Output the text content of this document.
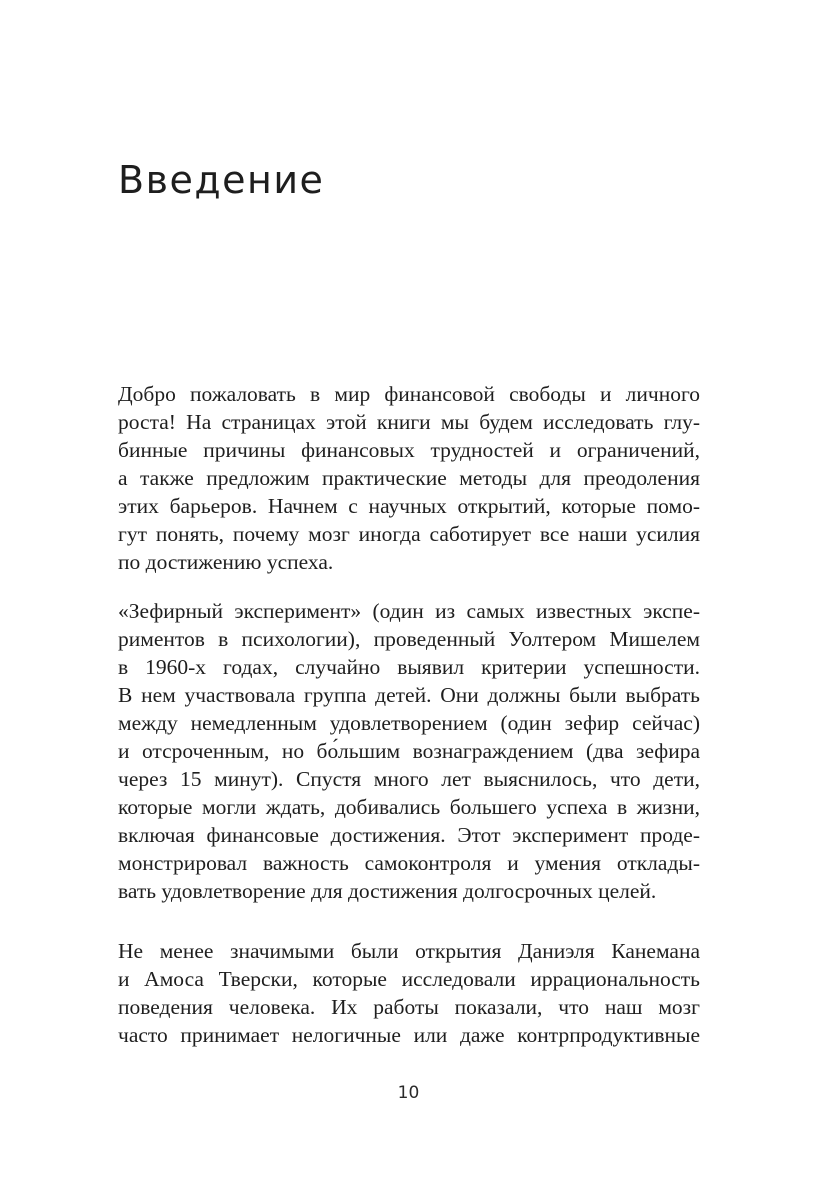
Введение
Добро пожаловать в мир финансовой свободы и личного
роста! На страницах этой книги мы будем исследовать глу-
бинные причины финансовых трудностей и ограничений,
а также предложим практические методы для преодоления
этих барьеров. Начнем с научных открытий, которые помо-
гут понять, почему мозг иногда саботирует все наши усилия
по достижению успеха.
«Зефирный эксперимент» (один из самых известных экспе-
риментов в психологии), проведенный Уолтером Мишелем
в 1960-х годах, случайно выявил критерии успешности.
В нем участвовала группа детей. Они должны были выбрать
между немедленным удовлетворением (один зефир сейчас)
и отсроченным, но бо́льшим вознаграждением (два зефира
через 15 минут). Спустя много лет выяснилось, что дети,
которые могли ждать, добивались большего успеха в жизни,
включая финансовые достижения. Этот эксперимент проде-
монстрировал важность самоконтроля и умения отклады-
вать удовлетворение для достижения долгосрочных целей.
Не менее значимыми были открытия Даниэля Канемана
и Амоса Тверски, которые исследовали иррациональность
поведения человека. Их работы показали, что наш мозг
часто принимает нелогичные или даже контрпродуктивные
10
